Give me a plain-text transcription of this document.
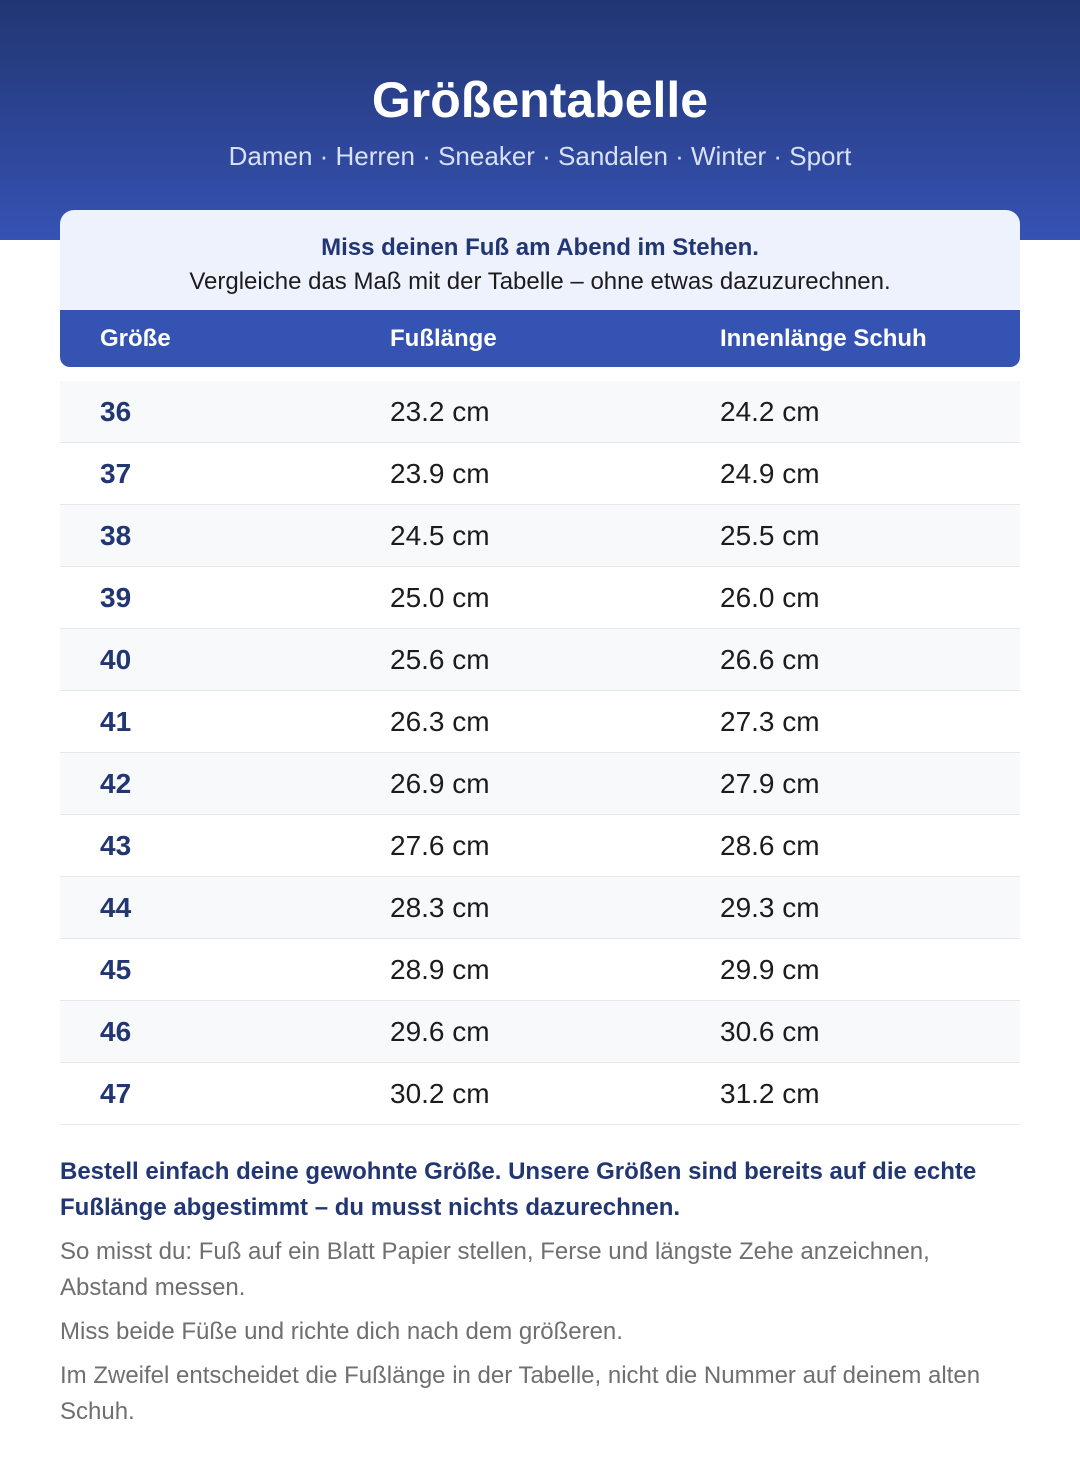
Größentabelle
Damen · Herren · Sneaker · Sandalen · Winter · Sport
Miss deinen Fuß am Abend im Stehen.
Vergleiche das Maß mit der Tabelle – ohne etwas dazuzurechnen.
Größe	Fußlänge	Innenlänge Schuh
36	23.2 cm	24.2 cm
37	23.9 cm	24.9 cm
38	24.5 cm	25.5 cm
39	25.0 cm	26.0 cm
40	25.6 cm	26.6 cm
41	26.3 cm	27.3 cm
42	26.9 cm	27.9 cm
43	27.6 cm	28.6 cm
44	28.3 cm	29.3 cm
45	28.9 cm	29.9 cm
46	29.6 cm	30.6 cm
47	30.2 cm	31.2 cm

Bestell einfach deine gewohnte Größe. Unsere Größen sind bereits auf die echte Fußlänge abgestimmt – du musst nichts dazurechnen.

So misst du: Fuß auf ein Blatt Papier stellen, Ferse und längste Zehe anzeichnen, Abstand messen.

Miss beide Füße und richte dich nach dem größeren.

Im Zweifel entscheidet die Fußlänge in der Tabelle, nicht die Nummer auf deinem alten Schuh.
